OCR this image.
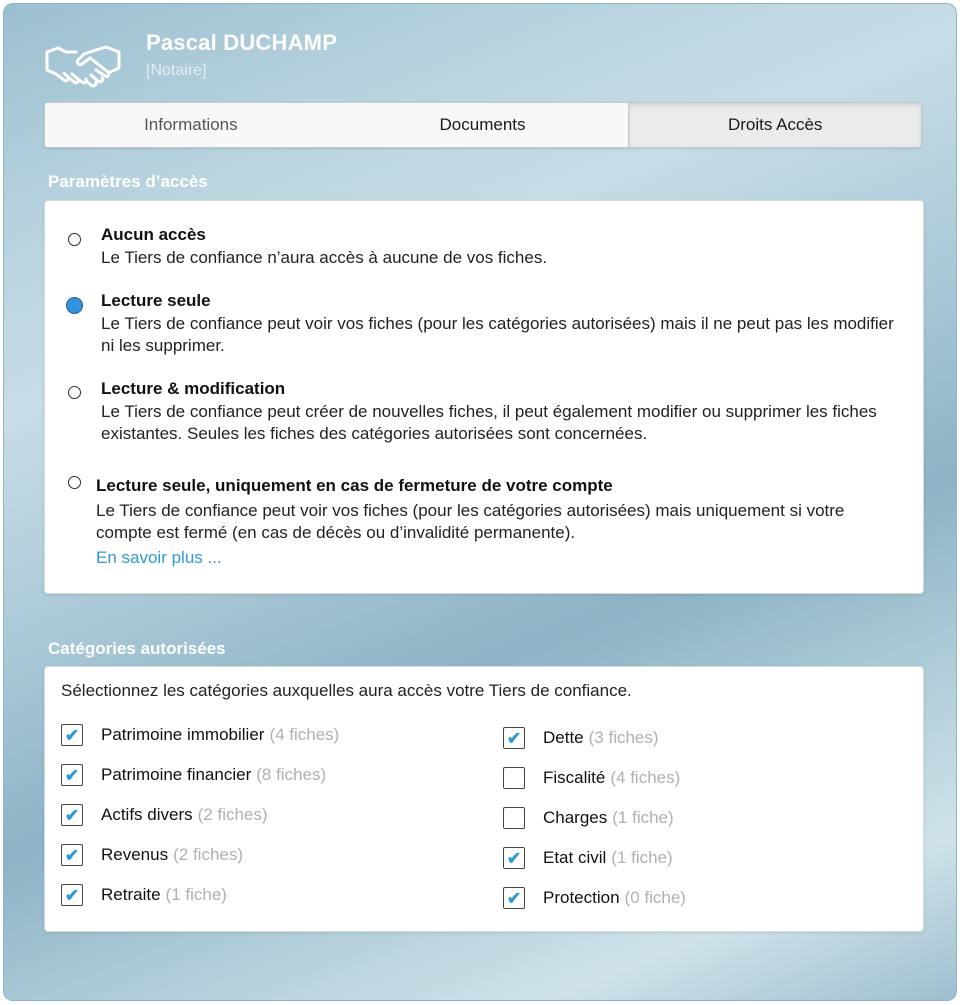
Pascal DUCHAMP
[Notaire]
Informations	Documents	Droits Accès
Paramètres d’accès
Aucun accès
Le Tiers de confiance n’aura accès à aucune de vos fiches.
Lecture seule
Le Tiers de confiance peut voir vos fiches (pour les catégories autorisées) mais il ne peut pas les modifier ni les supprimer.
Lecture & modification
Le Tiers de confiance peut créer de nouvelles fiches, il peut également modifier ou supprimer les fiches existantes. Seules les fiches des catégories autorisées sont concernées.
Lecture seule, uniquement en cas de fermeture de votre compte
Le Tiers de confiance peut voir vos fiches (pour les catégories autorisées) mais uniquement si votre compte est fermé (en cas de décès ou d’invalidité permanente).
En savoir plus ...
Catégories autorisées
Sélectionnez les catégories auxquelles aura accès votre Tiers de confiance.
✔ Patrimoine immobilier (4 fiches)
✔ Patrimoine financier (8 fiches)
✔ Actifs divers (2 fiches)
✔ Revenus (2 fiches)
✔ Retraite (1 fiche)
✔ Dette (3 fiches)
Fiscalité (4 fiches)
Charges (1 fiche)
✔ Etat civil (1 fiche)
✔ Protection (0 fiche)
